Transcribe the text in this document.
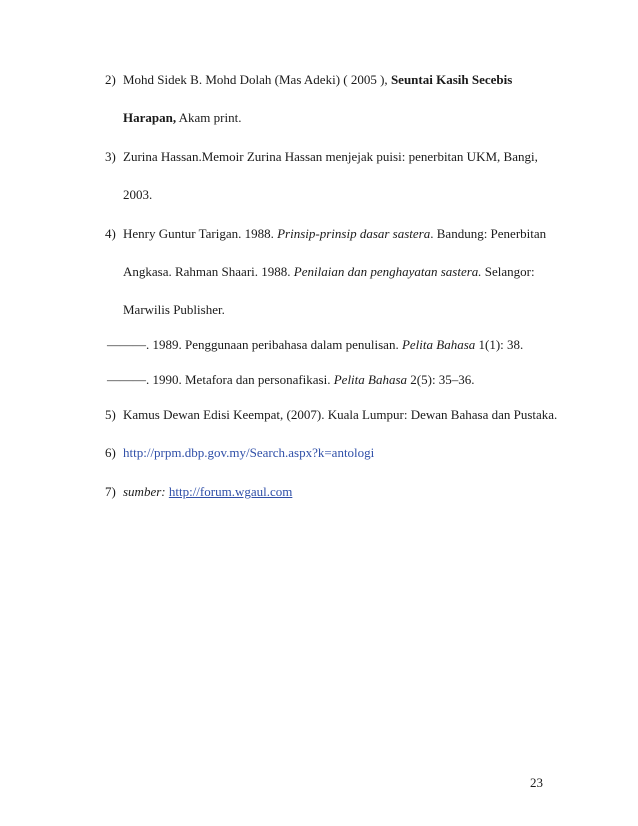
2) Mohd Sidek B. Mohd Dolah (Mas Adeki) ( 2005 ), Seuntai Kasih Secebis
Harapan, Akam print.
3) Zurina Hassan.Memoir Zurina Hassan menjejak puisi: penerbitan UKM, Bangi,
2003.
4) Henry Guntur Tarigan. 1988. Prinsip-prinsip dasar sastera. Bandung: Penerbitan
Angkasa. Rahman Shaari. 1988. Penilaian dan penghayatan sastera. Selangor:
Marwilis Publisher.
———. 1989. Penggunaan peribahasa dalam penulisan. Pelita Bahasa 1(1): 38.
———. 1990. Metafora dan personafikasi. Pelita Bahasa 2(5): 35–36.
5) Kamus Dewan Edisi Keempat, (2007). Kuala Lumpur: Dewan Bahasa dan Pustaka.
6) http://prpm.dbp.gov.my/Search.aspx?k=antologi
7) sumber: http://forum.wgaul.com
23
